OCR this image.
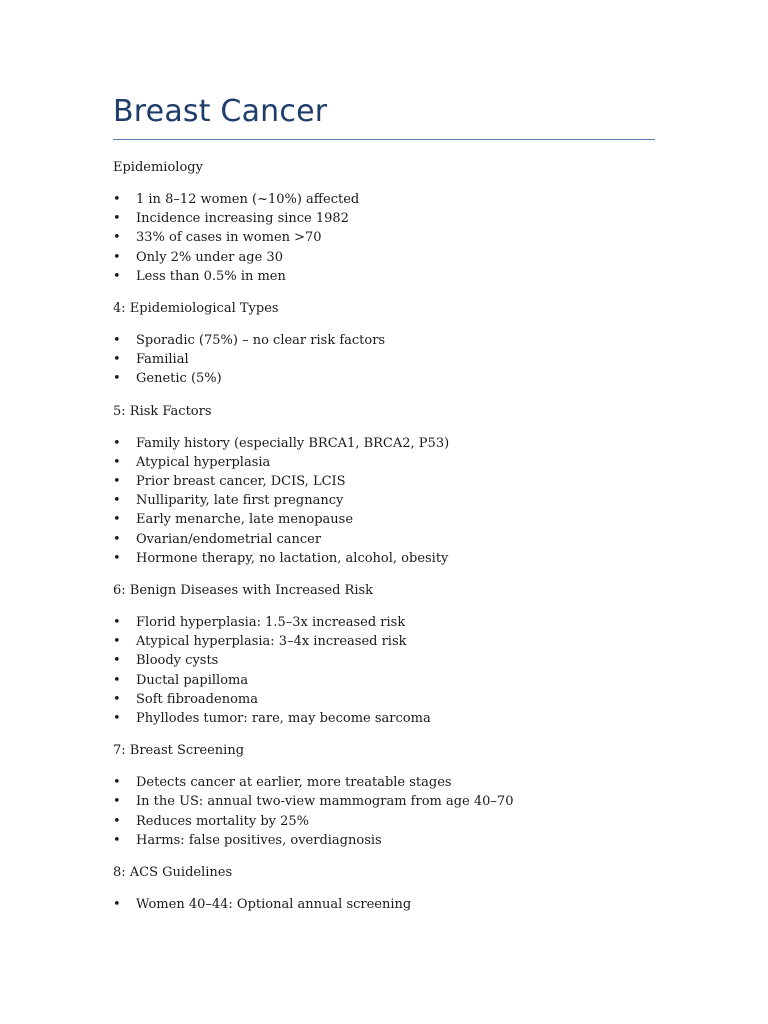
Breast Cancer

Epidemiology

• 1 in 8–12 women (~10%) affected
• Incidence increasing since 1982
• 33% of cases in women >70
• Only 2% under age 30
• Less than 0.5% in men

4: Epidemiological Types

• Sporadic (75%) – no clear risk factors
• Familial
• Genetic (5%)

5: Risk Factors

• Family history (especially BRCA1, BRCA2, P53)
• Atypical hyperplasia
• Prior breast cancer, DCIS, LCIS
• Nulliparity, late first pregnancy
• Early menarche, late menopause
• Ovarian/endometrial cancer
• Hormone therapy, no lactation, alcohol, obesity

6: Benign Diseases with Increased Risk

• Florid hyperplasia: 1.5–3x increased risk
• Atypical hyperplasia: 3–4x increased risk
• Bloody cysts
• Ductal papilloma
• Soft fibroadenoma
• Phyllodes tumor: rare, may become sarcoma

7: Breast Screening

• Detects cancer at earlier, more treatable stages
• In the US: annual two-view mammogram from age 40–70
• Reduces mortality by 25%
• Harms: false positives, overdiagnosis

8: ACS Guidelines

• Women 40–44: Optional annual screening
